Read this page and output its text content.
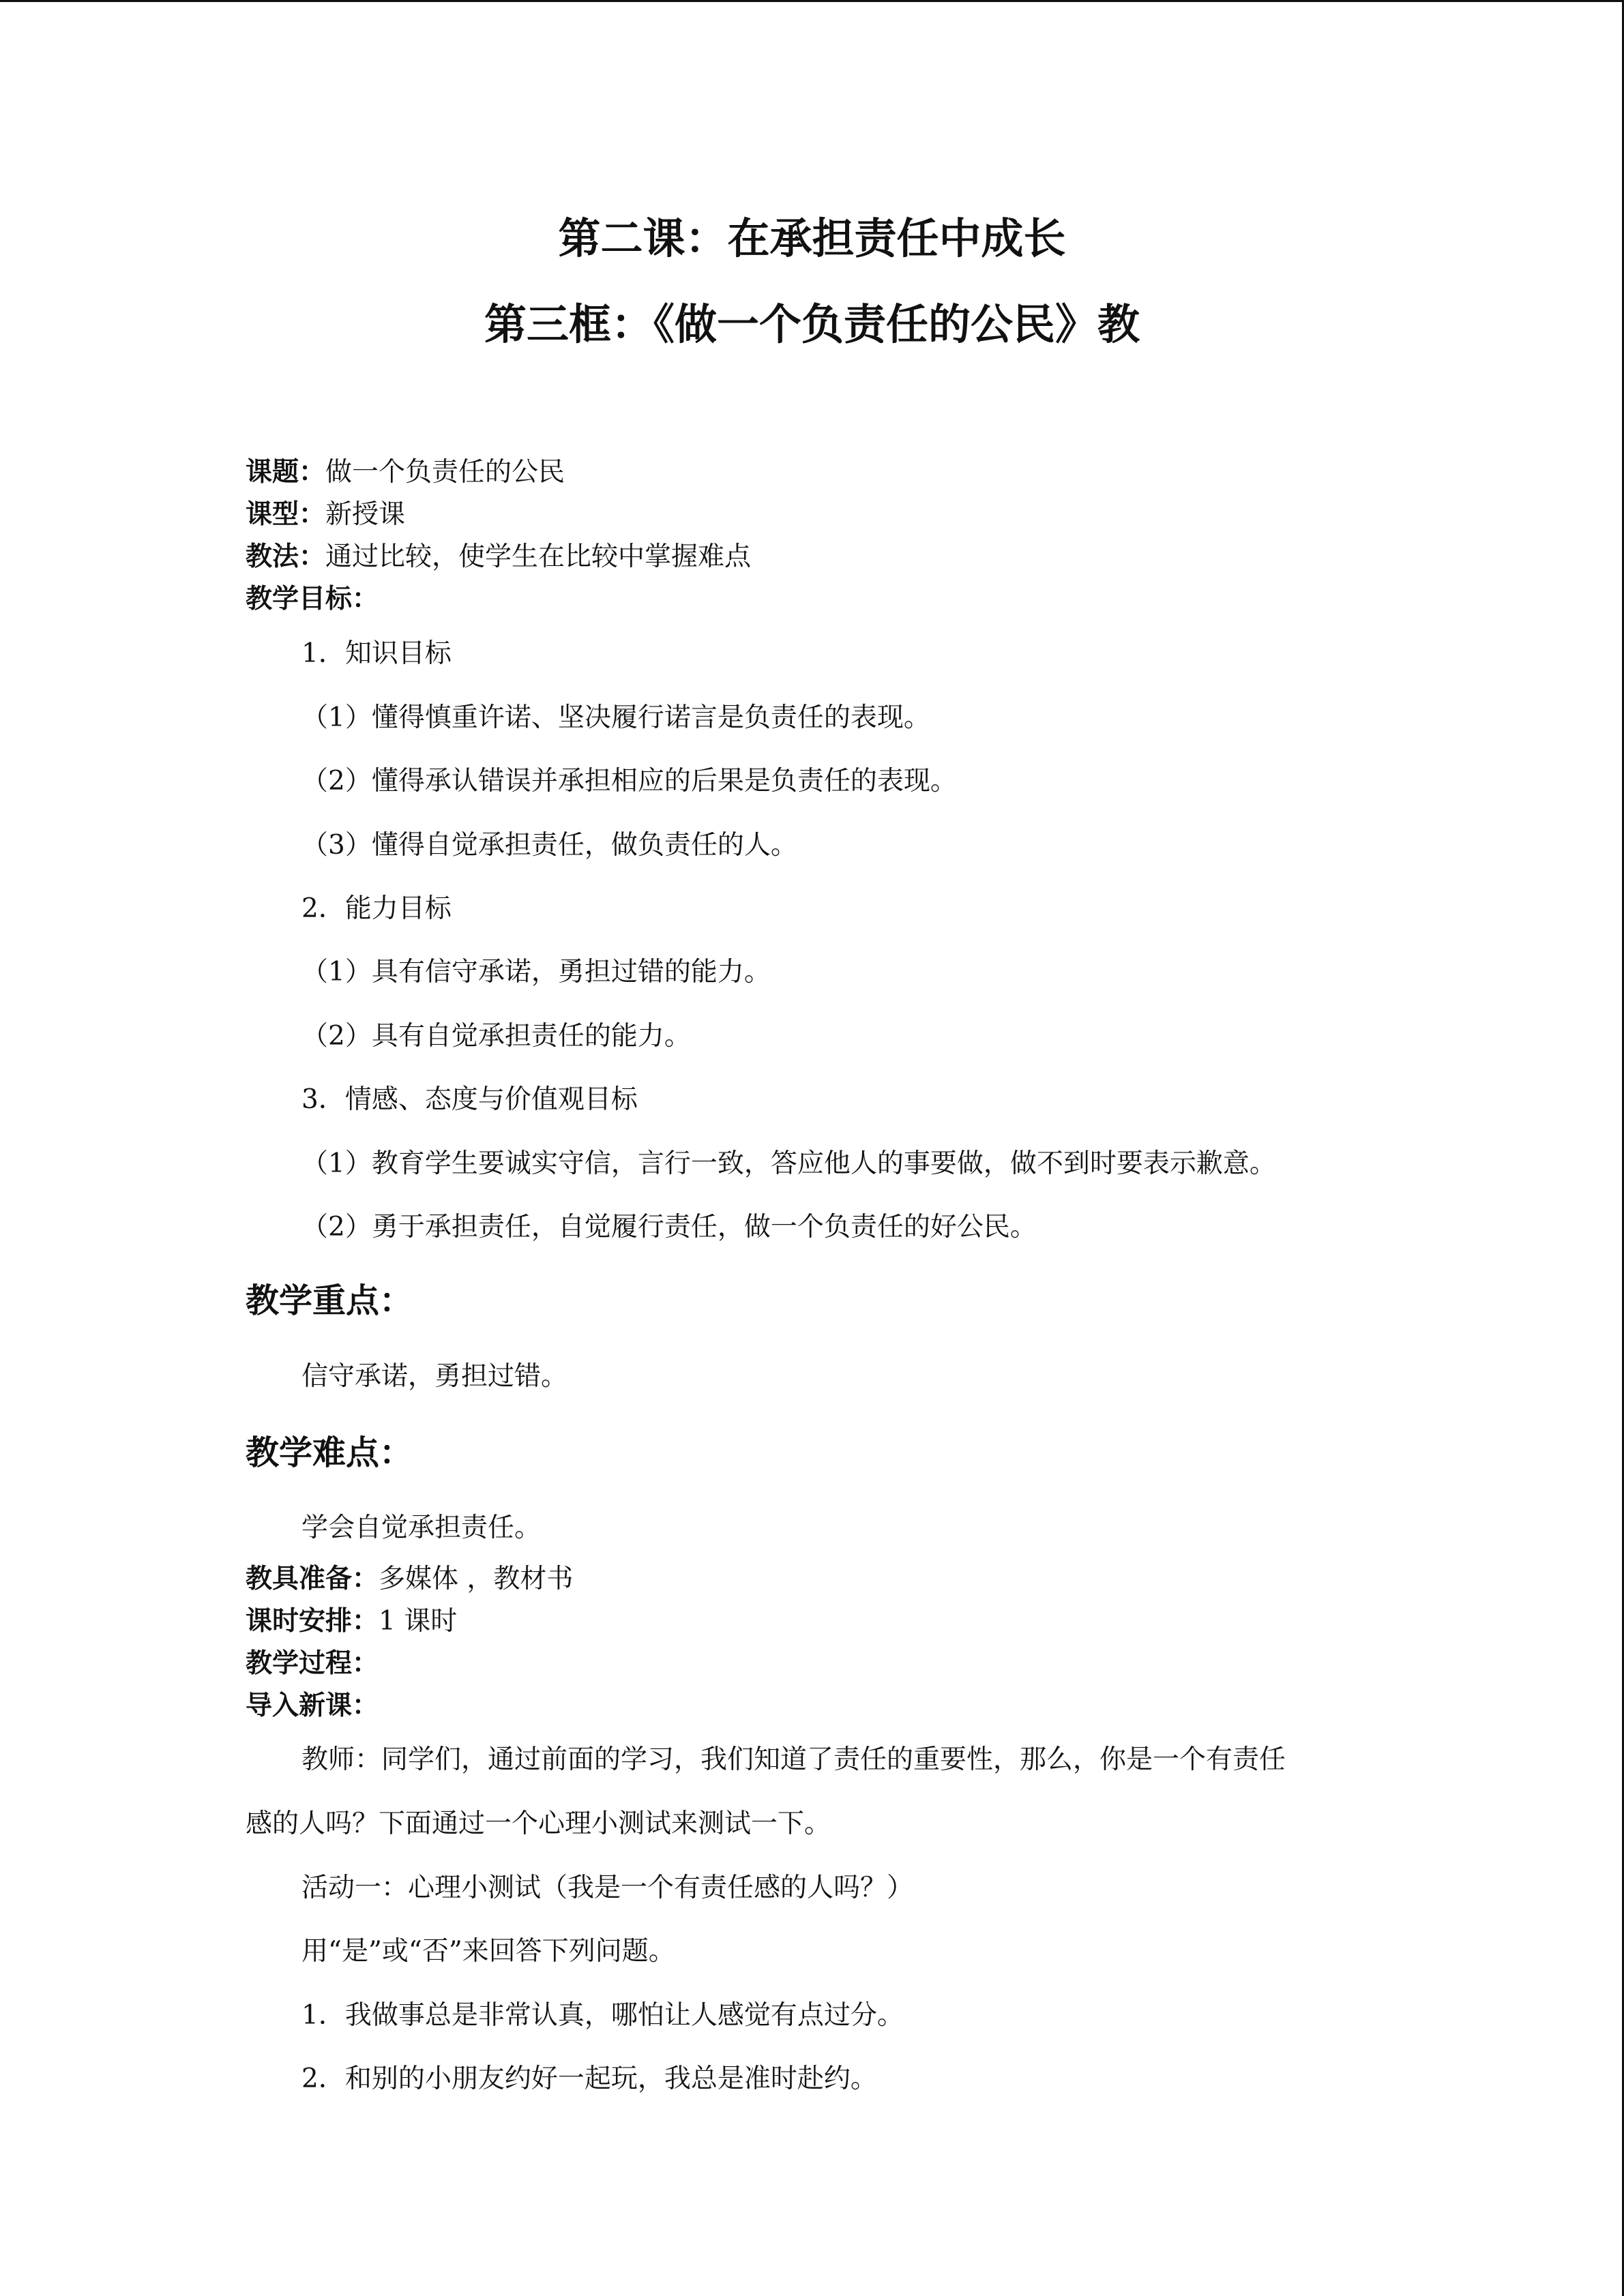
第二课：在承担责任中成长
第三框：《做一个负责任的公民》教
课题：做一个负责任的公民
课型：新授课
教法：通过比较，使学生在比较中掌握难点
教学目标：
1．知识目标
（1）懂得慎重许诺、坚决履行诺言是负责任的表现。
（2）懂得承认错误并承担相应的后果是负责任的表现。
（3）懂得自觉承担责任，做负责任的人。
2．能力目标
（1）具有信守承诺，勇担过错的能力。
（2）具有自觉承担责任的能力。
3．情感、态度与价值观目标
（1）教育学生要诚实守信，言行一致，答应他人的事要做，做不到时要表示歉意。
（2）勇于承担责任，自觉履行责任，做一个负责任的好公民。
教学重点：
信守承诺，勇担过错。
教学难点：
学会自觉承担责任。
教具准备：多媒体 ，教材书
课时安排：1 课时
教学过程：
导入新课：
教师：同学们，通过前面的学习，我们知道了责任的重要性，那么，你是一个有责任
感的人吗？下面通过一个心理小测试来测试一下。
活动一：心理小测试（我是一个有责任感的人吗？）
用“是”或“否”来回答下列问题。
1．我做事总是非常认真，哪怕让人感觉有点过分。
2．和别的小朋友约好一起玩，我总是准时赴约。
